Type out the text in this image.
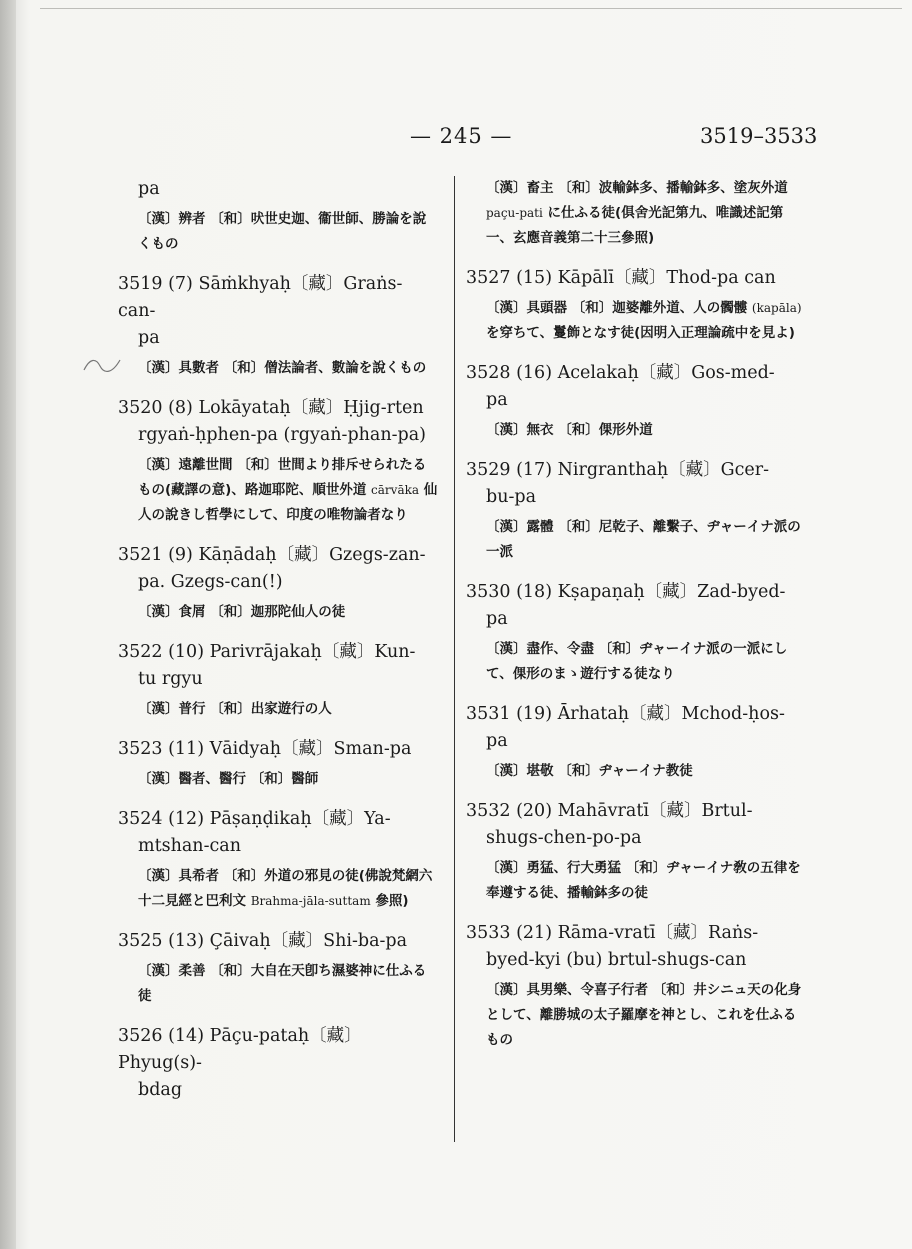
— 245 —	3519–3533
pa
〔漢〕辨者 〔和〕吠世史迦、衞世師、勝論を說くもの
3519 (7) Sāṁkhyaḥ〔藏〕Graṅs-can-
pa
〔漢〕具數者 〔和〕僧法論者、數論を說くもの
3520 (8) Lokāyataḥ〔藏〕Ḥjig-rten
rgyaṅ-ḥphen-pa (rgyaṅ-phan-pa)
〔漢〕遠離世間 〔和〕世間より排斥せられたるもの(藏譯の意)、路迦耶陀、順世外道 cārvāka 仙人の說きし哲學にして、印度の唯物論者なり
3521 (9) Kāṇādaḥ〔藏〕Gzegs-zan-
pa. Gzegs-can(!)
〔漢〕食屑 〔和〕迦那陀仙人の徒
3522 (10) Parivrājakaḥ〔藏〕Kun-
tu rgyu
〔漢〕普行 〔和〕出家遊行の人
3523 (11) Vāidyaḥ〔藏〕Sman-pa
〔漢〕醫者、醫行 〔和〕醫師
3524 (12) Pāṣaṇḍikaḥ〔藏〕Ya-
mtshan-can
〔漢〕具希者 〔和〕外道の邪見の徒(佛說梵網六十二見經と巴利文 Brahma-jāla-suttam 參照)
3525 (13) Çāivaḥ〔藏〕Shi-ba-pa
〔漢〕柔善 〔和〕大自在天卽ち濕婆神に仕ふる徒
3526 (14) Pāçu-pataḥ〔藏〕Phyug(s)-
bdag
〔漢〕畜主 〔和〕波輸鉢多、播輸鉢多、塗灰外道 paçu-pati に仕ふる徒(俱舍光記第九、唯識述記第一、玄應音義第二十三參照)
3527 (15) Kāpālī〔藏〕Thod-pa can
〔漢〕具頭器 〔和〕迦婆離外道、人の髑髏 (kapāla) を穿ちて、鬘飾となす徒(因明入正理論疏中を見よ)
3528 (16) Acelakaḥ〔藏〕Gos-med-
pa
〔漢〕無衣 〔和〕倮形外道
3529 (17) Nirgranthaḥ〔藏〕Gcer-
bu-pa
〔漢〕露體 〔和〕尼乾子、離繫子、ヂャーイナ派の一派
3530 (18) Kṣapaṇaḥ〔藏〕Zad-byed-
pa
〔漢〕盡作、令盡 〔和〕ヂャーイナ派の一派にして、倮形のまゝ遊行する徒なり
3531 (19) Ārhataḥ〔藏〕Mchod-ḥos-
pa
〔漢〕堪敬 〔和〕ヂャーイナ教徒
3532 (20) Mahāvratī〔藏〕Brtul-
shugs-chen-po-pa
〔漢〕勇猛、行大勇猛 〔和〕ヂャーイナ敎の五律を奉遵する徒、播輸鉢多の徒
3533 (21) Rāma-vratī〔藏〕Raṅs-
byed-kyi (bu) brtul-shugs-can
〔漢〕具男樂、令喜子行者 〔和〕井シニュ天の化身として、離勝城の太子羅摩を神とし、これを仕ふるもの
